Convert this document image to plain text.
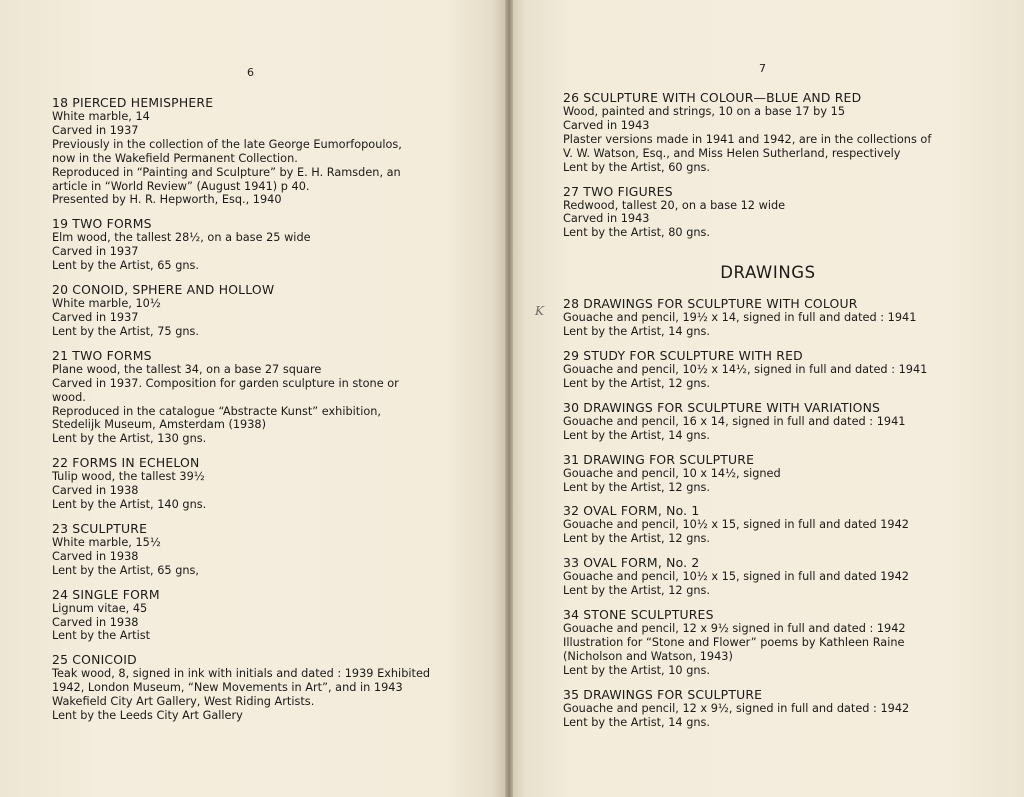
6	7
18 PIERCED HEMISPHERE
White marble, 14
Carved in 1937
Previously in the collection of the late George Eumorfopoulos,
now in the Wakefield Permanent Collection.
Reproduced in “Painting and Sculpture” by E. H. Ramsden, an
article in “World Review” (August 1941) p 40.
Presented by H. R. Hepworth, Esq., 1940
19 TWO FORMS
Elm wood, the tallest 28½, on a base 25 wide
Carved in 1937
Lent by the Artist, 65 gns.
20 CONOID, SPHERE AND HOLLOW
White marble, 10½
Carved in 1937
Lent by the Artist, 75 gns.
21 TWO FORMS
Plane wood, the tallest 34, on a base 27 square
Carved in 1937. Composition for garden sculpture in stone or
wood.
Reproduced in the catalogue “Abstracte Kunst” exhibition,
Stedelijk Museum, Amsterdam (1938)
Lent by the Artist, 130 gns.
22 FORMS IN ECHELON
Tulip wood, the tallest 39½
Carved in 1938
Lent by the Artist, 140 gns.
23 SCULPTURE
White marble, 15½
Carved in 1938
Lent by the Artist, 65 gns,
24 SINGLE FORM
Lignum vitae, 45
Carved in 1938
Lent by the Artist
25 CONICOID
Teak wood, 8, signed in ink with initials and dated : 1939 Exhibited
1942, London Museum, “New Movements in Art”, and in 1943
Wakefield City Art Gallery, West Riding Artists.
Lent by the Leeds City Art Gallery
26 SCULPTURE WITH COLOUR—BLUE AND RED
Wood, painted and strings, 10 on a base 17 by 15
Carved in 1943
Plaster versions made in 1941 and 1942, are in the collections of
V. W. Watson, Esq., and Miss Helen Sutherland, respectively
Lent by the Artist, 60 gns.
27 TWO FIGURES
Redwood, tallest 20, on a base 12 wide
Carved in 1943
Lent by the Artist, 80 gns.
DRAWINGS
28 DRAWINGS FOR SCULPTURE WITH COLOUR
Gouache and pencil, 19½ x 14, signed in full and dated : 1941
Lent by the Artist, 14 gns.
29 STUDY FOR SCULPTURE WITH RED
Gouache and pencil, 10½ x 14½, signed in full and dated : 1941
Lent by the Artist, 12 gns.
30 DRAWINGS FOR SCULPTURE WITH VARIATIONS
Gouache and pencil, 16 x 14, signed in full and dated : 1941
Lent by the Artist, 14 gns.
31 DRAWING FOR SCULPTURE
Gouache and pencil, 10 x 14½, signed
Lent by the Artist, 12 gns.
32 OVAL FORM, No. 1
Gouache and pencil, 10½ x 15, signed in full and dated 1942
Lent by the Artist, 12 gns.
33 OVAL FORM, No. 2
Gouache and pencil, 10½ x 15, signed in full and dated 1942
Lent by the Artist, 12 gns.
34 STONE SCULPTURES
Gouache and pencil, 12 x 9½ signed in full and dated : 1942
Illustration for “Stone and Flower” poems by Kathleen Raine
(Nicholson and Watson, 1943)
Lent by the Artist, 10 gns.
35 DRAWINGS FOR SCULPTURE
Gouache and pencil, 12 x 9½, signed in full and dated : 1942
Lent by the Artist, 14 gns.
K
